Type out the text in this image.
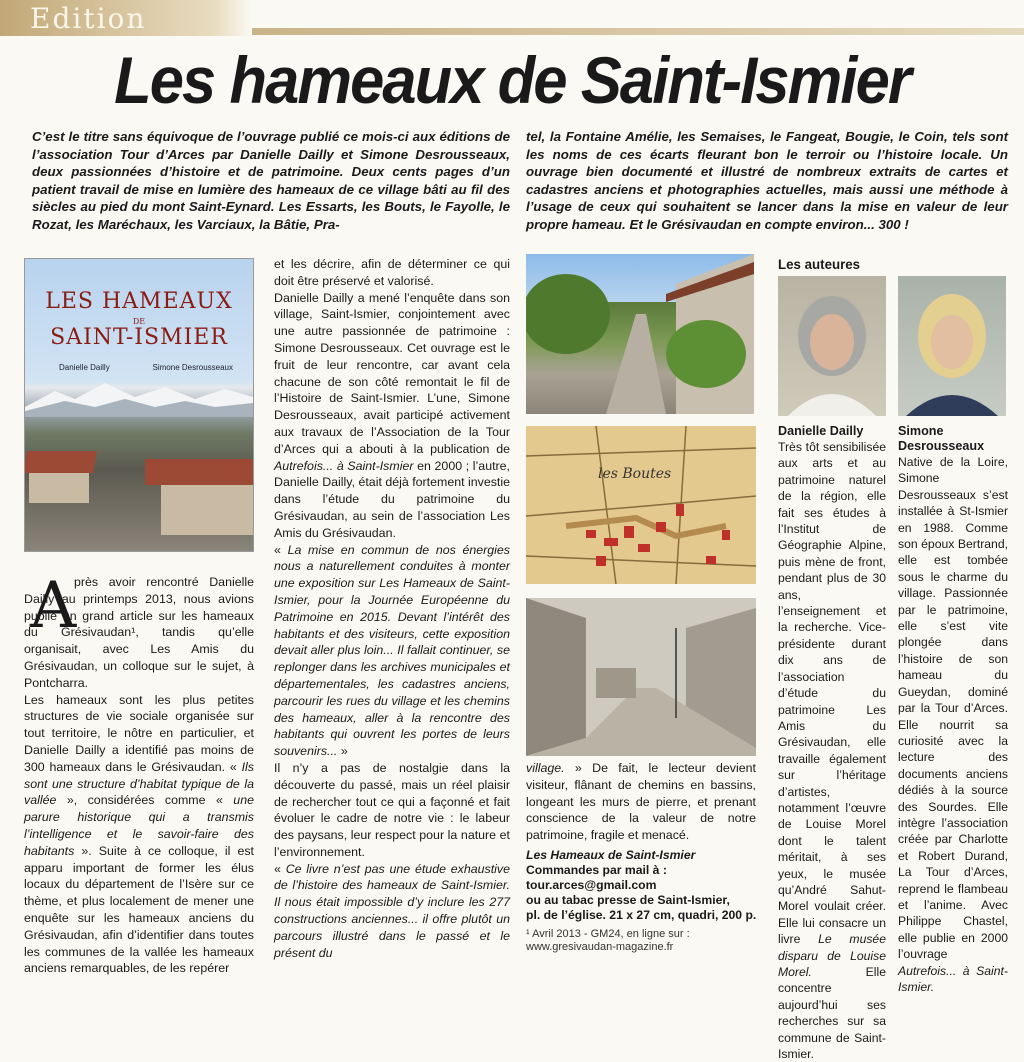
Edition
Les hameaux de Saint-Ismier
C’est le titre sans équivoque de l’ouvrage publié ce mois-ci aux éditions de l’association Tour d’Arces par Danielle Dailly et Simone Desrousseaux, deux passionnées d’histoire et de patrimoine. Deux cents pages d’un patient travail de mise en lumière des hameaux de ce village bâti au fil des siècles au pied du mont Saint-Eynard. Les Essarts, les Bouts, le Fayolle, le Rozat, les Maréchaux, les Varciaux, la Bâtie, Pra-
tel, la Fontaine Amélie, les Semaises, le Fangeat, Bougie, le Coin, tels sont les noms de ces écarts fleurant bon le terroir ou l’histoire locale. Un ouvrage bien documenté et illustré de nombreux extraits de cartes et cadastres anciens et photographies actuelles, mais aussi une méthode à l’usage de ceux qui souhaitent se lancer dans la mise en valeur de leur propre hameau. Et le Grésivaudan en compte environ... 300 !
LES HAMEAUX
DE
SAINT-ISMIER
Danielle Dailly	Simone Desrousseaux
A

près avoir rencontré Danielle Dailly au printemps 2013, nous avions publie un grand article sur les hameaux du Grésivaudan¹, tandis qu’elle organisait, avec Les Amis du Grésivaudan, un colloque sur le sujet, à Pontcharra.

Les hameaux sont les plus petites structures de vie sociale organisée sur tout territoire, le nôtre en particulier, et Danielle Dailly a identifié pas moins de 300 hameaux dans le Grésivaudan. « Ils sont une structure d’habitat typique de la vallée », considérées comme « une parure historique qui a transmis l’intelligence et le savoir-faire des habitants ». Suite à ce colloque, il est apparu important de former les élus locaux du département de l’Isère sur ce thème, et plus localement de mener une enquête sur les hameaux anciens du Grésivaudan, afin d’identifier dans toutes les communes de la vallée les hameaux anciens remarquables, de les repérer

et les décrire, afin de déterminer ce qui doit être préservé et valorisé.

Danielle Dailly a mené l’enquête dans son village, Saint-Ismier, conjointement avec une autre passionnée de patrimoine : Simone Desrousseaux. Cet ouvrage est le fruit de leur rencontre, car avant cela chacune de son côté remontait le fil de l’Histoire de Saint-Ismier. L’une, Simone Desrousseaux, avait participé activement aux travaux de l’Association de la Tour d’Arces qui a abouti à la publication de Autrefois... à Saint-Ismier en 2000 ; l’autre, Danielle Dailly, était déjà fortement investie dans l’étude du patrimoine du Grésivaudan, au sein de l’association Les Amis du Grésivaudan.

« La mise en commun de nos énergies nous a naturellement conduites à monter une exposition sur Les Hameaux de Saint-Ismier, pour la Journée Européenne du Patrimoine en 2015. Devant l’intérêt des habitants et des visiteurs, cette exposition devait aller plus loin... Il fallait continuer, se replonger dans les archives municipales et départementales, les cadastres anciens, parcourir les rues du village et les chemins des hameaux, aller à la rencontre des habitants qui ouvrent les portes de leurs souvenirs... »

Il n’y a pas de nostalgie dans la découverte du passé, mais un réel plaisir de rechercher tout ce qui a façonné et fait évoluer le cadre de notre vie : le labeur des paysans, leur respect pour la nature et l’environnement.

« Ce livre n’est pas une étude exhaustive de l’histoire des hameaux de Saint-Ismier. Il nous était impossible d’y inclure les 277 constructions anciennes... il offre plutôt un parcours illustré dans le passé et le présent du

les Boutes

village. » De fait, le lecteur devient visiteur, flânant de chemins en bassins, longeant les murs de pierre, et prenant conscience de la valeur de notre patrimoine, fragile et menacé.

Les Hameaux de Saint-Ismier
Commandes par mail à :
tour.arces@gmail.com
ou au tabac presse de Saint-Ismier,
pl. de l’église. 21 x 27 cm, quadri, 200 p.
¹ Avril 2013 - GM24, en ligne sur :
www.gresivaudan-magazine.fr
Les auteures
Danielle Dailly
Très tôt sensibilisée aux arts et au patrimoine naturel de la région, elle fait ses études à l’Institut de Géographie Alpine, puis mène de front, pendant plus de 30 ans, l’enseignement et la recherche. Vice-présidente durant dix ans de l’association d’étude du patrimoine Les Amis du Grésivaudan, elle travaille également sur l’héritage d’artistes, notamment l’œuvre de Louise Morel dont le talent méritait, à ses yeux, le musée qu’André Sahut-Morel voulait créer. Elle lui consacre un livre Le musée disparu de Louise Morel.	Elle concentre aujourd’hui ses recherches sur sa commune de Saint-Ismier.
Simone
Desrousseaux
Native de la Loire, Simone Desrousseaux s’est installée à St-Ismier en 1988. Comme son époux Bertrand, elle est tombée sous le charme du village. Passionnée par le patrimoine, elle s’est vite plongée dans l’histoire de son hameau du Gueydan, dominé par la Tour d’Arces. Elle nourrit sa curiosité avec la lecture des documents anciens dédiés à la source des Sourdes. Elle intègre l’association créée par Charlotte et Robert Durand, La Tour d’Arces, reprend le flambeau et l’anime. Avec Philippe Chastel, elle publie en 2000 l’ouvrage Autrefois... à Saint-Ismier.
